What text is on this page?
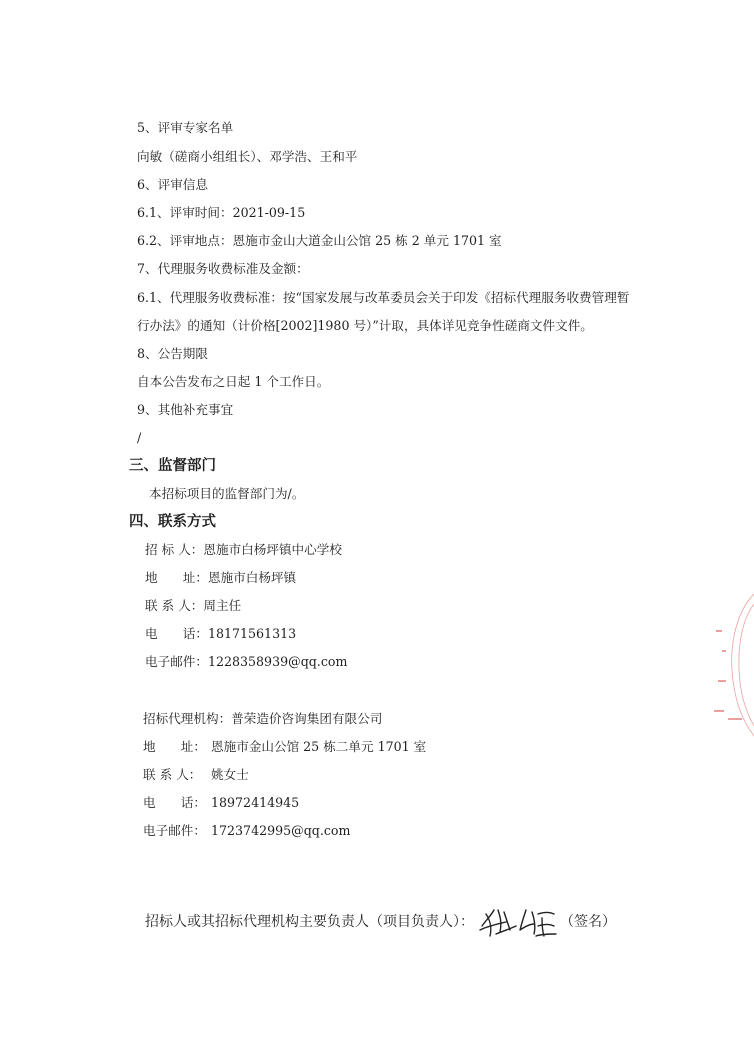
5、评审专家名单
向敏（磋商小组组长）、邓学浩、王和平
6、评审信息
6.1、评审时间：2021-09-15
6.2、评审地点：恩施市金山大道金山公馆 25 栋 2 单元 1701 室
7、代理服务收费标准及金额：
6.1、代理服务收费标准：按“国家发展与改革委员会关于印发《招标代理服务收费管理暂
行办法》的通知（计价格[2002]1980 号）”计取，具体详见竞争性磋商文件文件。
8、公告期限
自本公告发布之日起 1 个工作日。
9、其他补充事宜
/
三、监督部门
本招标项目的监督部门为/。
四、联系方式
招 标 人：恩施市白杨坪镇中心学校
地　　址：恩施市白杨坪镇
联 系 人：周主任
电　　话：18171561313
电子邮件：1228358939@qq.com
招标代理机构：普荣造价咨询集团有限公司
地　　址： 恩施市金山公馆 25 栋二单元 1701 室
联 系 人： 姚女士
电　　话： 18972414945
电子邮件： 1723742995@qq.com
招标人或其招标代理机构主要负责人（项目负责人）：	（签名）
